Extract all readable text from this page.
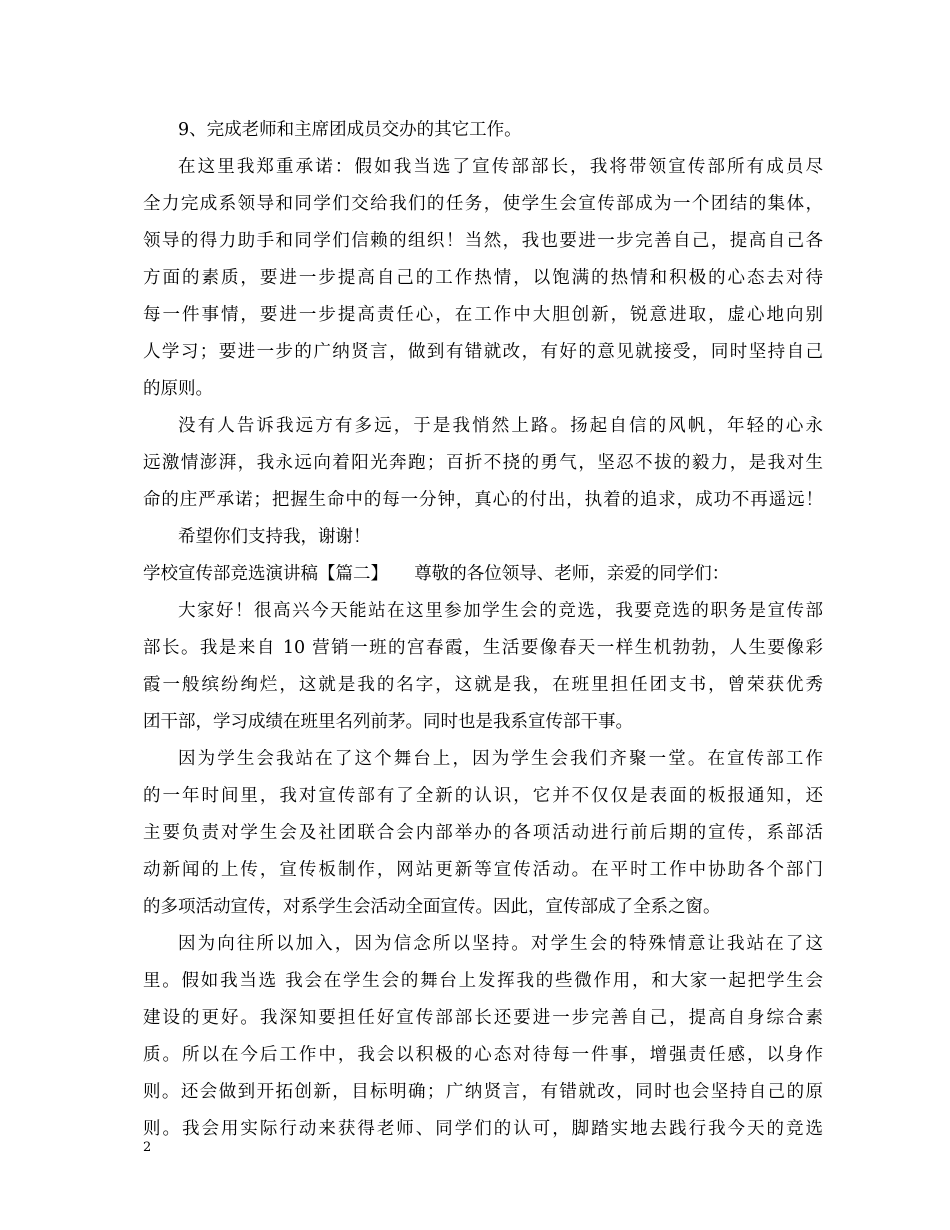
9、完成老师和主席团成员交办的其它工作。
在这里我郑重承诺：假如我当选了宣传部部长，我将带领宣传部所有成员尽
全力完成系领导和同学们交给我们的任务，使学生会宣传部成为一个团结的集体，
领导的得力助手和同学们信赖的组织！当然，我也要进一步完善自己，提高自己各
方面的素质，要进一步提高自己的工作热情，以饱满的热情和积极的心态去对待
每一件事情，要进一步提高责任心，在工作中大胆创新，锐意进取，虚心地向别
人学习；要进一步的广纳贤言，做到有错就改，有好的意见就接受，同时坚持自己
的原则。
没有人告诉我远方有多远，于是我悄然上路。扬起自信的风帆，年轻的心永
远激情澎湃，我永远向着阳光奔跑；百折不挠的勇气，坚忍不拔的毅力，是我对生
命的庄严承诺；把握生命中的每一分钟，真心的付出，执着的追求，成功不再遥远！
希望你们支持我，谢谢！
学校宣传部竞选演讲稿【篇二】　　尊敬的各位领导、老师，亲爱的同学们：
大家好！很高兴今天能站在这里参加学生会的竞选，我要竞选的职务是宣传部
部长。我是来自 10 营销一班的宫春霞，生活要像春天一样生机勃勃，人生要像彩
霞一般缤纷绚烂，这就是我的名字，这就是我，在班里担任团支书，曾荣获优秀
团干部，学习成绩在班里名列前茅。同时也是我系宣传部干事。
因为学生会我站在了这个舞台上，因为学生会我们齐聚一堂。在宣传部工作
的一年时间里，我对宣传部有了全新的认识，它并不仅仅是表面的板报通知，还
主要负责对学生会及社团联合会内部举办的各项活动进行前后期的宣传，系部活
动新闻的上传，宣传板制作，网站更新等宣传活动。在平时工作中协助各个部门
的多项活动宣传，对系学生会活动全面宣传。因此，宣传部成了全系之窗。
因为向往所以加入，因为信念所以坚持。对学生会的特殊情意让我站在了这
里。假如我当选 我会在学生会的舞台上发挥我的些微作用，和大家一起把学生会
建设的更好。我深知要担任好宣传部部长还要进一步完善自己，提高自身综合素
质。所以在今后工作中，我会以积极的心态对待每一件事，增强责任感，以身作
则。还会做到开拓创新，目标明确；广纳贤言，有错就改，同时也会坚持自己的原
则。我会用实际行动来获得老师、同学们的认可，脚踏实地去践行我今天的竞选
2
